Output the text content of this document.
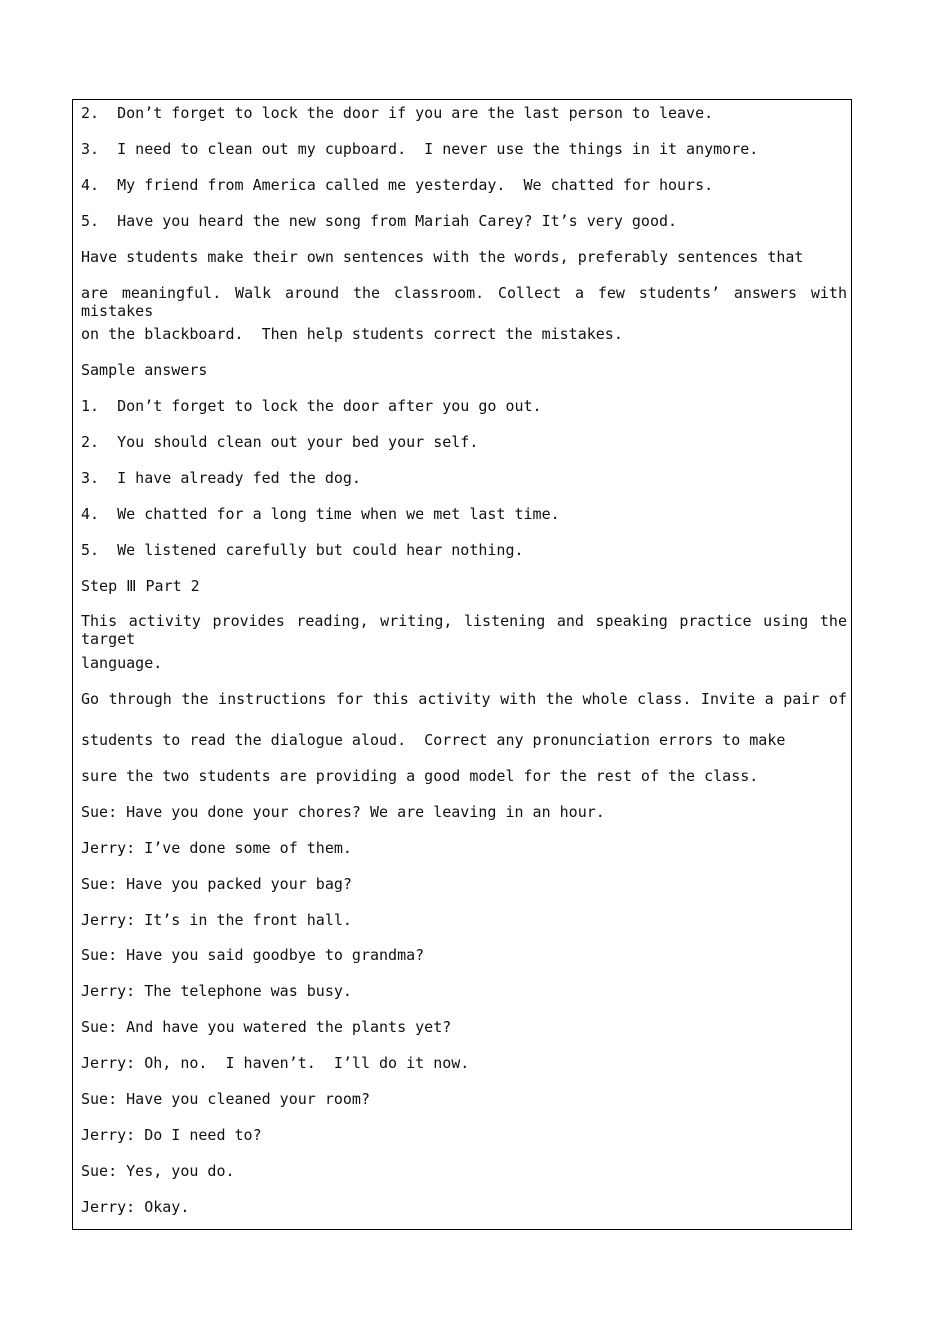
2.  Don’t forget to lock the door if you are the last person to leave.
3.  I need to clean out my cupboard.  I never use the things in it anymore.
4.  My friend from America called me yesterday.  We chatted for hours.
5.  Have you heard the new song from Mariah Carey? It’s very good.
Have students make their own sentences with the words, preferably sentences that
are meaningful. Walk around the classroom. Collect a few students’ answers with mistakes
on the blackboard.  Then help students correct the mistakes.
Sample answers
1.  Don’t forget to lock the door after you go out.
2.  You should clean out your bed your self.
3.  I have already fed the dog.
4.  We chatted for a long time when we met last time.
5.  We listened carefully but could hear nothing.
Step Ⅲ Part 2
This activity provides reading, writing, listening and speaking practice using the target
language.
Go through the instructions for this activity with the whole class. Invite a pair of
students to read the dialogue aloud.  Correct any pronunciation errors to make
sure the two students are providing a good model for the rest of the class.
Sue: Have you done your chores? We are leaving in an hour.
Jerry: I’ve done some of them.
Sue: Have you packed your bag?
Jerry: It’s in the front hall.
Sue: Have you said goodbye to grandma?
Jerry: The telephone was busy.
Sue: And have you watered the plants yet?
Jerry: Oh, no.  I haven’t.  I’ll do it now.
Sue: Have you cleaned your room?
Jerry: Do I need to?
Sue: Yes, you do.
Jerry: Okay.
